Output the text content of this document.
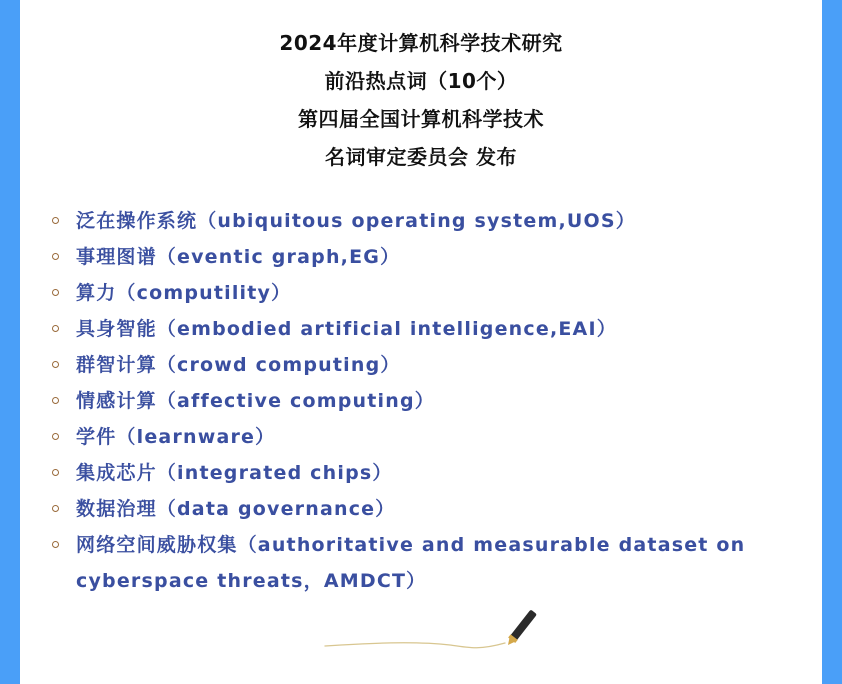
2024年度计算机科学技术研究
前沿热点词（10个）
第四届全国计算机科学技术
名词审定委员会 发布
泛在操作系统（ubiquitous operating system,UOS）
事理图谱（eventic graph,EG）
算力（computility）
具身智能（embodied artificial intelligence,EAI）
群智计算（crowd computing）
情感计算（affective computing）
学件（learnware）
集成芯片（integrated chips）
数据治理（data governance）
网络空间威胁权集（authoritative and measurable dataset on cyberspace threats，AMDCT）
